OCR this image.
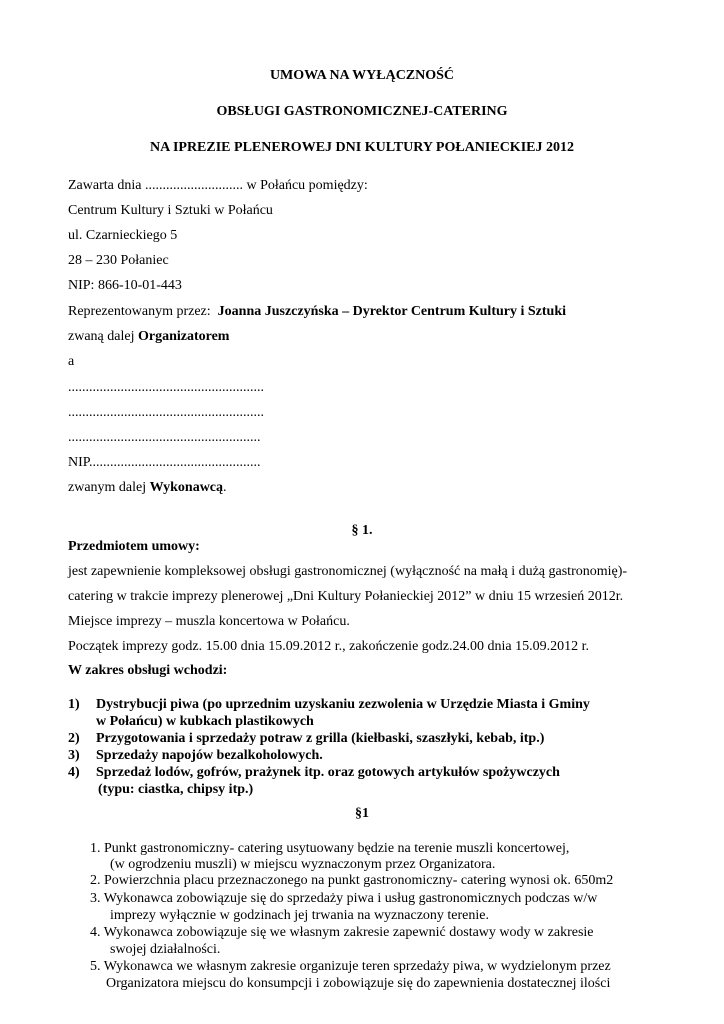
UMOWA NA WYŁĄCZNOŚĆ
OBSŁUGI GASTRONOMICZNEJ-CATERING
NA IPREZIE PLENEROWEJ DNI KULTURY POŁANIECKIEJ 2012
Zawarta dnia ............................ w Połańcu pomiędzy:
Centrum Kultury i Sztuki w Połańcu
ul. Czarnieckiego 5
28 – 230 Połaniec
NIP: 866-10-01-443
Reprezentowanym przez:  Joanna Juszczyńska – Dyrektor Centrum Kultury i Sztuki
zwaną dalej Organizatorem
a
........................................................
........................................................
.......................................................
NIP.................................................
zwanym dalej Wykonawcą.
§ 1.
Przedmiotem umowy:
jest zapewnienie kompleksowej obsługi gastronomicznej (wyłączność na małą i dużą gastronomię)-
catering w trakcie imprezy plenerowej „Dni Kultury Połanieckiej 2012” w dniu 15 wrzesień 2012r.
Miejsce imprezy – muszla koncertowa w Połańcu.
Początek imprezy godz. 15.00 dnia 15.09.2012 r., zakończenie godz.24.00 dnia 15.09.2012 r.
W zakres obsługi wchodzi:
1) Dystrybucji piwa (po uprzednim uzyskaniu zezwolenia w Urzędzie Miasta i Gminy
w Połańcu) w kubkach plastikowych
2) Przygotowania i sprzedaży potraw z grilla (kiełbaski, szaszłyki, kebab, itp.)
3) Sprzedaży napojów bezalkoholowych.
4) Sprzedaż lodów, gofrów, prażynek itp. oraz gotowych artykułów spożywczych
(typu: ciastka, chipsy itp.)
§1
1. Punkt gastronomiczny- catering usytuowany będzie na terenie muszli koncertowej,
(w ogrodzeniu muszli) w miejscu wyznaczonym przez Organizatora.
2. Powierzchnia placu przeznaczonego na punkt gastronomiczny- catering wynosi ok. 650m2
3. Wykonawca zobowiązuje się do sprzedaży piwa i usług gastronomicznych podczas w/w
imprezy wyłącznie w godzinach jej trwania na wyznaczony terenie.
4. Wykonawca zobowiązuje się we własnym zakresie zapewnić dostawy wody w zakresie
swojej działalności.
5. Wykonawca we własnym zakresie organizuje teren sprzedaży piwa, w wydzielonym przez
Organizatora miejscu do konsumpcji i zobowiązuje się do zapewnienia dostatecznej ilości
